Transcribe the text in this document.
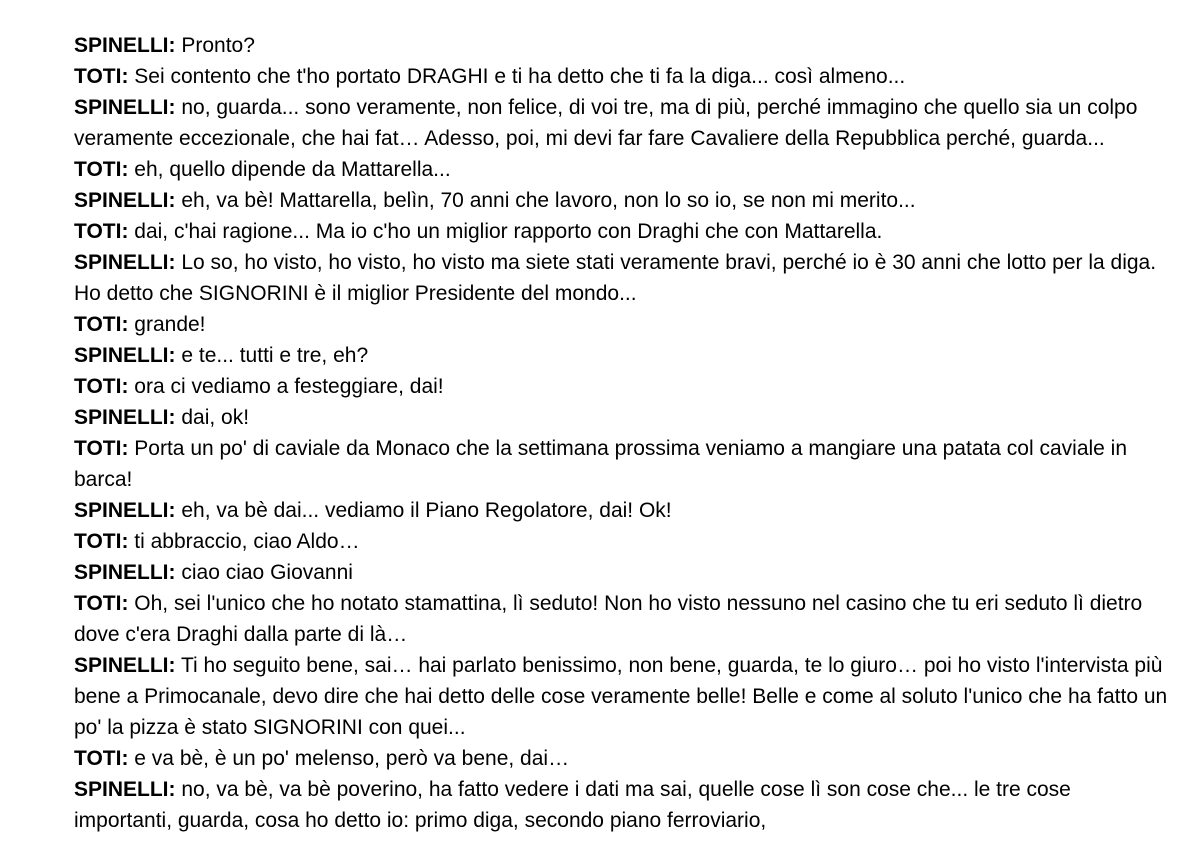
SPINELLI: Pronto?

TOTI: Sei contento che t'ho portato DRAGHI e ti ha detto che ti fa la diga... così almeno...

SPINELLI: no, guarda... sono veramente, non felice, di voi tre, ma di più, perché immagino che quello sia un colpo veramente eccezionale, che hai fat… Adesso, poi, mi devi far fare Cavaliere della Repubblica perché, guarda...

TOTI: eh, quello dipende da Mattarella...

SPINELLI: eh, va bè! Mattarella, belìn, 70 anni che lavoro, non lo so io, se non mi merito...

TOTI: dai, c'hai ragione... Ma io c'ho un miglior rapporto con Draghi che con Mattarella.

SPINELLI: Lo so, ho visto, ho visto, ho visto ma siete stati veramente bravi, perché io è 30 anni che lotto per la diga. Ho detto che SIGNORINI è il miglior Presidente del mondo...

TOTI: grande!

SPINELLI: e te... tutti e tre, eh?

TOTI: ora ci vediamo a festeggiare, dai!

SPINELLI: dai, ok!

TOTI: Porta un po' di caviale da Monaco che la settimana prossima veniamo a mangiare una patata col caviale in barca!

SPINELLI: eh, va bè dai... vediamo il Piano Regolatore, dai! Ok!

TOTI: ti abbraccio, ciao Aldo…

SPINELLI: ciao ciao Giovanni

TOTI: Oh, sei l'unico che ho notato stamattina, lì seduto! Non ho visto nessuno nel casino che tu eri seduto lì dietro dove c'era Draghi dalla parte di là…

SPINELLI: Ti ho seguito bene, sai… hai parlato benissimo, non bene, guarda, te lo giuro… poi ho visto l'intervista più bene a Primocanale, devo dire che hai detto delle cose veramente belle! Belle e come al soluto l'unico che ha fatto un po' la pizza è stato SIGNORINI con quei...

TOTI: e va bè, è un po' melenso, però va bene, dai…

SPINELLI: no, va bè, va bè poverino, ha fatto vedere i dati ma sai, quelle cose lì son cose che... le tre cose importanti, guarda, cosa ho detto io: primo diga, secondo piano ferroviario,
